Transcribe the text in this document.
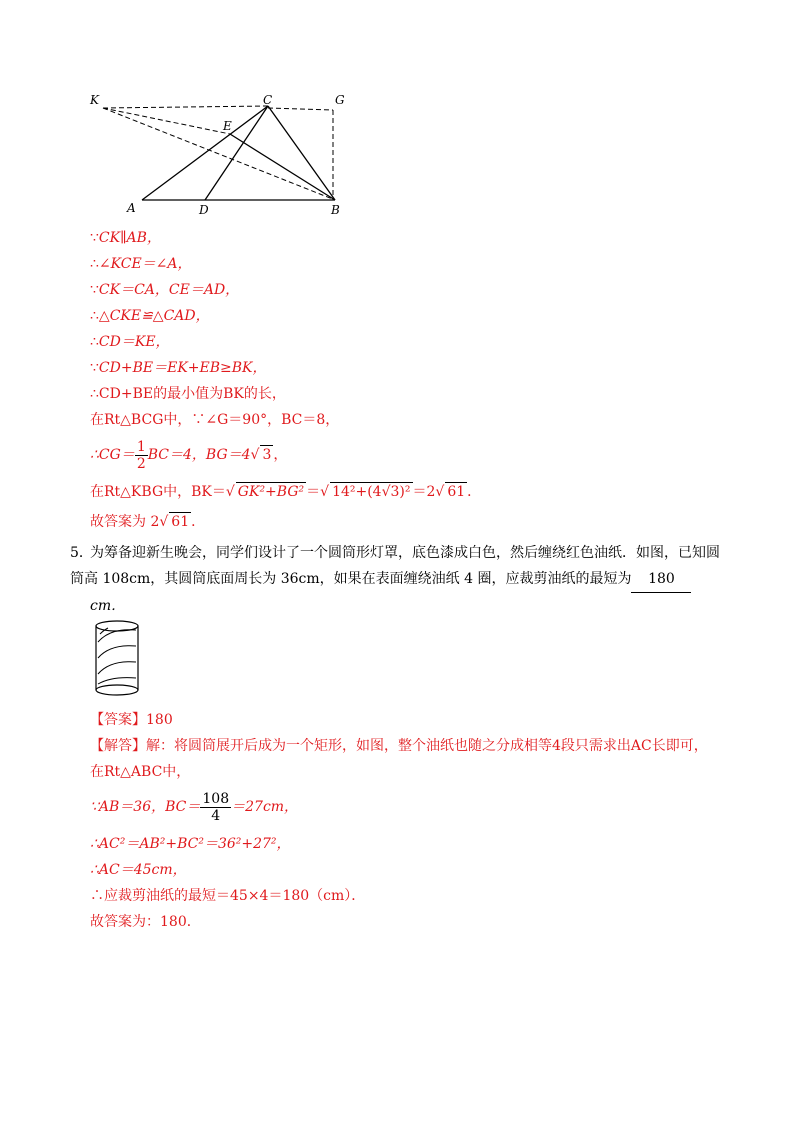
K	C	G
E
A	D	B
∵CK∥AB，
∴∠KCE＝∠A，
∵CK＝CA，CE＝AD，
∴△CKE≌△CAD，
∴CD＝KE，
∵CD+BE＝EK+EB≥BK，
∴CD+BE的最小值为BK的长，
在Rt△BCG中，∵∠G＝90°，BC＝8，
∴CG＝ $\frac{1}{2} BC=4$，BG＝4√ 3 ，
在Rt△KBG中，BK＝√ GK²+BG² ＝√ 14²+(4√3)² ＝2√ 61 ．
故答案为 2√ 61 ．
5．为筹备迎新生晚会，同学们设计了一个圆筒形灯罩，底色漆成白色，然后缠绕红色油纸．如图，已知圆筒高 108cm，其圆筒底面周长为 36cm，如果在表面缠绕油纸 4 圈，应裁剪油纸的最短为 180
cm．
【答案】180
【解答】解：将圆筒展开后成为一个矩形，如图，整个油纸也随之分成相等4段只需求出AC长即可，
在Rt△ABC中，
∵AB＝36，$BC= \frac{108}{4} =27cm$，
∴AC²＝AB²+BC²＝36²+27²，
∴AC＝45cm，
∴应裁剪油纸的最短＝45×4＝180（cm）．
故答案为：180．
